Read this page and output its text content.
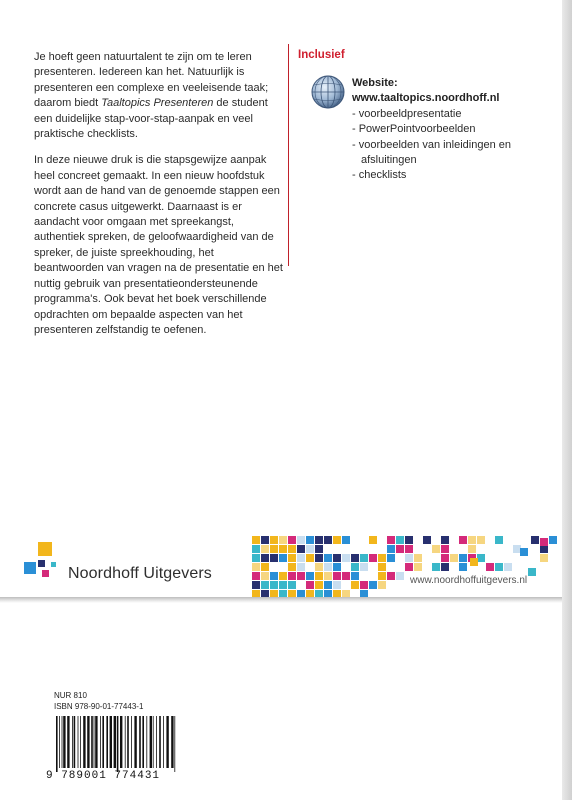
Je hoeft geen natuurtalent te zijn om te leren presenteren. Iedereen kan het. Natuurlijk is presenteren een complexe en veeleisende taak; daarom biedt Taaltopics Presenteren de student een duidelijke stap-voor-stap-aanpak en veel praktische checklists.

In deze nieuwe druk is die stapsgewijze aanpak heel concreet gemaakt. In een nieuw hoofdstuk wordt aan de hand van de genoemde stappen een concrete casus uitgewerkt. Daarnaast is er aandacht voor omgaan met spreekangst, authentiek spreken, de geloofwaardigheid van de spreker, de juiste spreekhouding, het beantwoorden van vragen na de presentatie en het nuttig gebruik van presentatieondersteunende programma's. Ook bevat het boek verschillende opdrachten om bepaalde aspecten van het presenteren zelfstandig te oefenen.

Inclusief

Website:

www.taaltopics.noordhoff.nl

- voorbeeldpresentatie
- PowerPointvoorbeelden
- voorbeelden van inleidingen en afsluitingen
- checklists

Noordhoff Uitgevers	www.noordhoffuitgevers.nl

NUR 810

ISBN 978-90-01-77443-1

9 789001 774431
